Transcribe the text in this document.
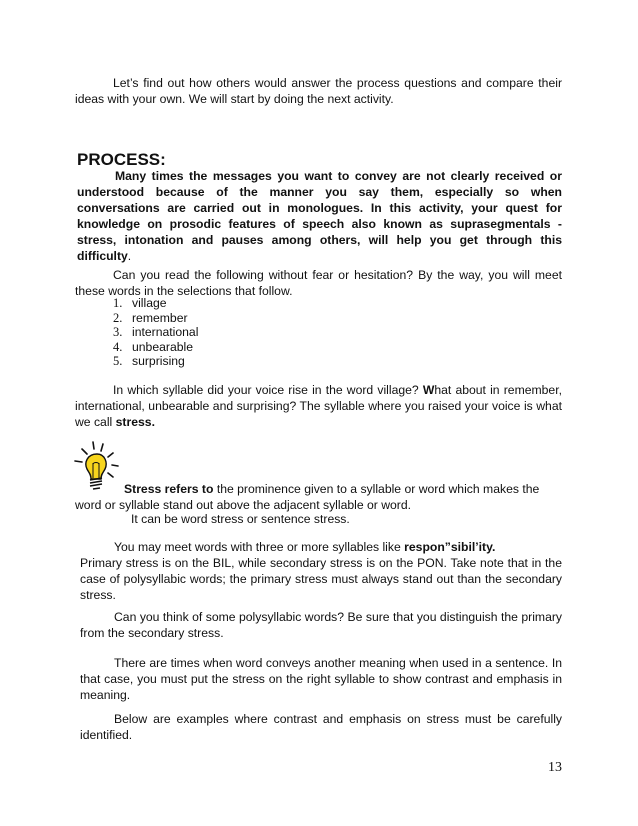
Let’s find out how others would answer the process questions and compare their ideas with your own. We will start by doing the next activity.
PROCESS:
Many times the messages you want to convey are not clearly received or understood because of the manner you say them, especially so when conversations are carried out in monologues. In this activity, your quest for knowledge on prosodic features of speech also known as suprasegmentals - stress, intonation and pauses among others, will help you get through this difficulty.
Can you read the following without fear or hesitation? By the way, you will meet these words in the selections that follow.
1. village
2. remember
3. international
4. unbearable
5. surprising
In which syllable did your voice rise in the word village? What about in remember, international, unbearable and surprising? The syllable where you raised your voice is what we call stress.
Stress refers to the prominence given to a syllable or word which makes the word or syllable stand out above the adjacent syllable or word.
It can be word stress or sentence stress.
You may meet words with three or more syllables like respon”sibil’ity.
Primary stress is on the BIL, while secondary stress is on the PON. Take note that in the case of polysyllabic words; the primary stress must always stand out than the secondary stress.
Can you think of some polysyllabic words? Be sure that you distinguish the primary from the secondary stress.
There are times when word conveys another meaning when used in a sentence. In that case, you must put the stress on the right syllable to show contrast and emphasis in meaning.
Below are examples where contrast and emphasis on stress must be carefully identified.
13
